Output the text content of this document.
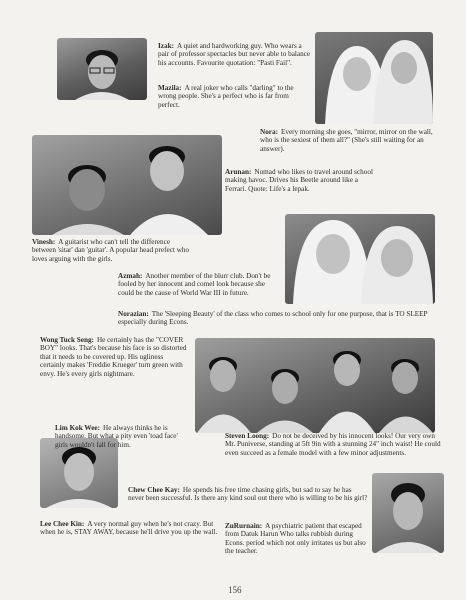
Izak: A quiet and hardworking guy. Who wears a pair of professor spectacles but never able to balance his accounts. Favourite quotation: "Pasti Fail".
Mazila: A real joker who calls "darling" to the wrong people. She's a perfect who is far from perfect.
Nora: Every morning she goes, "mirror, mirror on the wall, who is the sexiest of them all?" (She's still waiting for an answer).
Arunan: Nomad who likes to travel around school making havoc. Drives his Beetle around like a Ferrari. Quote: Life's a lepak.
Vinesh: A guitarist who can't tell the difference between 'sitar' dan 'guitar'. A popular head prefect who loves arguing with the girls.
Azmah: Another member of the blurr club. Don't be fooled by her innocent and comel look because she could be the cause of World War III in future.
Norazian: The 'Sleeping Beauty' of the class who comes to school only for one purpose, that is TO SLEEP especially during Econs.
Wong Tuck Seng: He certainly has the "COVER BOY" looks. That's because his face is so distorted that it needs to be covered up. His ugliness certainly makes 'Freddie Krueger' turn green with envy. He's every girls nightmare.
Lim Kok Wee: He always thinks he is handsome. But what a pity even 'toad face' girls wouldn't fall for him.
Steven Loong: Do not be deceived by his innocent looks! Our very own Mr. Puniverse, standing at 5ft 9in with a stunning 24" inch waist! He could even succeed as a female model with a few minor adjustments.
Chew Chee Kay: He spends his free time chasing girls, but sad to say he has never been successful. Is there any kind soul out there who is willing to be his girl?
ZuRurnain: A psychiatric patient that escaped from Datuk Harun Who talks rubbish during Econs. period which not only irritates us but also the teacher.
Lee Chee Kin: A very normal guy when he's not crazy. But when he is, STAY AWAY, because he'll drive you up the wall.
156
